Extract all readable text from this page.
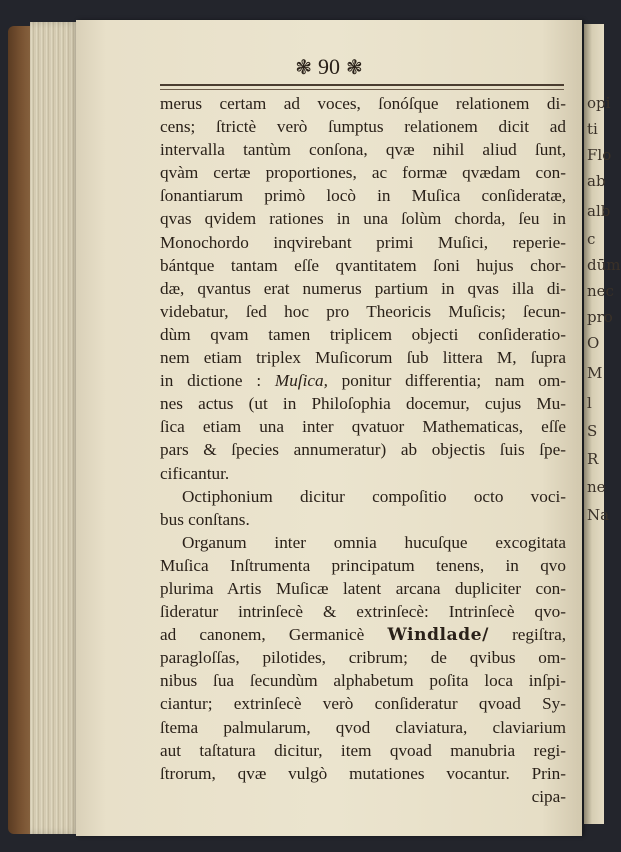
opi
ti
Flo
ab
alb
c
dūm
nec
pro
O
M
l
S
R
ne
Na
❃ 90 ❃
merus certam ad voces, ſonóſque relationem di-
cens; ſtrictè verò ſumptus relationem dicit ad
intervalla tantùm conſona, qvæ nihil aliud ſunt,
qvàm certæ proportiones, ac formæ qvædam con-
ſonantiarum primò locò in Muſica conſideratæ,
qvas qvidem rationes in una ſolùm chorda, ſeu in
Monochordo inqvirebant primi Muſici, reperie-
bántque tantam eſſe qvantitatem ſoni hujus chor-
dæ, qvantus erat numerus partium in qvas illa di-
videbatur, ſed hoc pro Theoricis Muſicis; ſecun-
dùm qvam tamen triplicem objecti conſideratio-
nem etiam triplex Muſicorum ſub littera M, ſupra
in dictione : Muſica, ponitur differentia; nam om-
nes actus (ut in Philoſophia docemur, cujus Mu-
ſica etiam una inter qvatuor Mathematicas, eſſe
pars & ſpecies annumeratur) ab objectis ſuis ſpe-
cificantur.
Octiphonium dicitur compoſitio octo voci-
bus conſtans.
Organum inter omnia hucuſque excogitata
Muſica Inſtrumenta principatum tenens, in qvo
plurima Artis Muſicæ latent arcana dupliciter con-
ſideratur intrinſecè & extrinſecè: Intrinſecè qvo-
ad canonem, Germanicè Windlade/ regiſtra,
paragloſſas, pilotides, cribrum; de qvibus om-
nibus ſua ſecundùm alphabetum poſita loca inſpi-
ciantur; extrinſecè verò conſideratur qvoad Sy-
ſtema palmularum, qvod claviatura, claviarium
aut taſtatura dicitur, item qvoad manubria regi-
ſtrorum, qvæ vulgò mutationes vocantur. Prin-
cipa-
